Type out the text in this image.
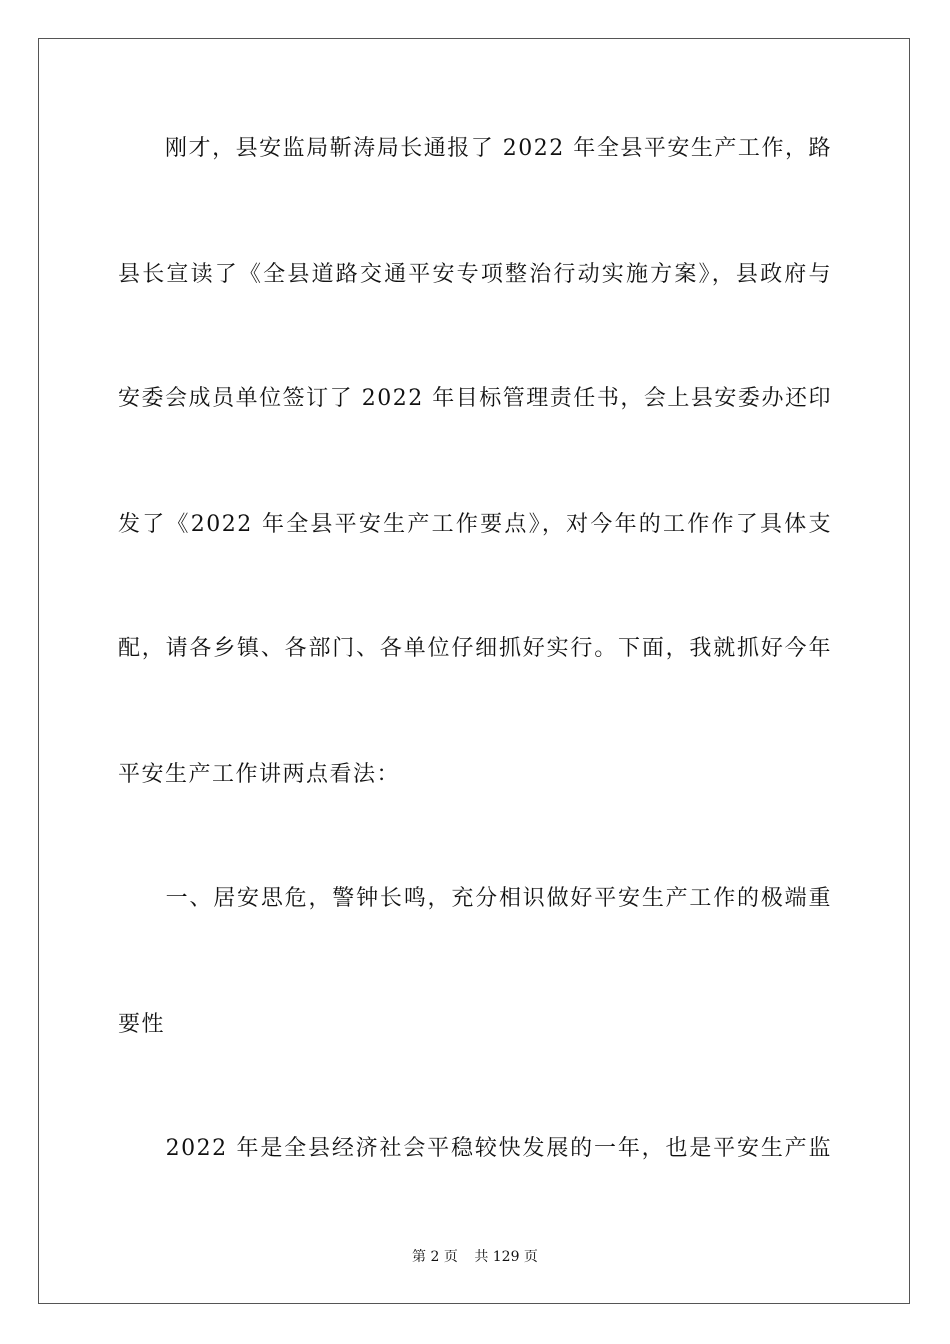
　　刚才，县安监局靳涛局长通报了 2022 年全县平安生产工作，路
县长宣读了《全县道路交通平安专项整治行动实施方案》，县政府与
安委会成员单位签订了 2022 年目标管理责任书，会上县安委办还印
发了《2022 年全县平安生产工作要点》，对今年的工作作了具体支
配，请各乡镇、各部门、各单位仔细抓好实行。下面，我就抓好今年
平安生产工作讲两点看法：
　　一、居安思危，警钟长鸣，充分相识做好平安生产工作的极端重
要性
　　2022 年是全县经济社会平稳较快发展的一年，也是平安生产监
第 2 页 共 129 页
